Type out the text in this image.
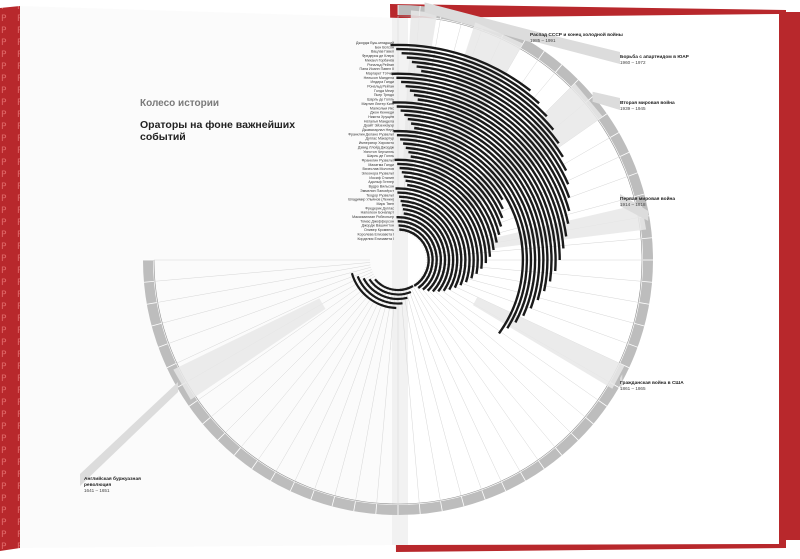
Джордж Буш-младший
Бен Вотсон
Вацлав Гавел
Фредерик де Клерк
Михаил Горбачёв
Рональд Рейган
Папа Иоанн Павел II
Маргарет Тэтчер
Нельсон Мандела
Индира Ганди
Рональд Рейган
Голда Меир
Пьер Трюдо
Шарль де Голль
Мартин Лютер Кинг
Малкольм Икс
Джон Кеннеди
Никита Хрущёв
Наталья Мандела
Дуайт Эйзенхауэр
Джавахарлал Неру
Франклин Делано Рузвельт
Дуглас Макартур
Император Хирохито
Дэвид Ллойд Джордж
Уинстон Черчилль
Шарль де Голль
Франклин Рузвельт
Махатма Ганди
Вячеслав Молотов
Элеонора Рузвельт
Иосиф Сталин
Адольф Гитлер
Вудро Вильсон
Эммелин Панкхёрст
Теодор Рузвельт
Владимир Ульянов (Ленин)
Марк Твен
Фредерик Дуглас
Наполеон Бонапарт
Максимилиан Робеспьер
Томас Джефферсон
Джордж Вашингтон
Оливер Кромвель
Королева Елизавета I
Корделия Елизавета I
Распад СССР и конец холодной войны
1985 – 1991
Борьба с апартеидом в ЮАР
1960 – 1972
Вторая мировая война
1939 – 1945
Первая мировая война
1914 – 1918
Гражданская война в США
1861 – 1865
Английская буржуазная
революция
1641 – 1651

Колесо истории

Ораторы на фоне важнейших событий
